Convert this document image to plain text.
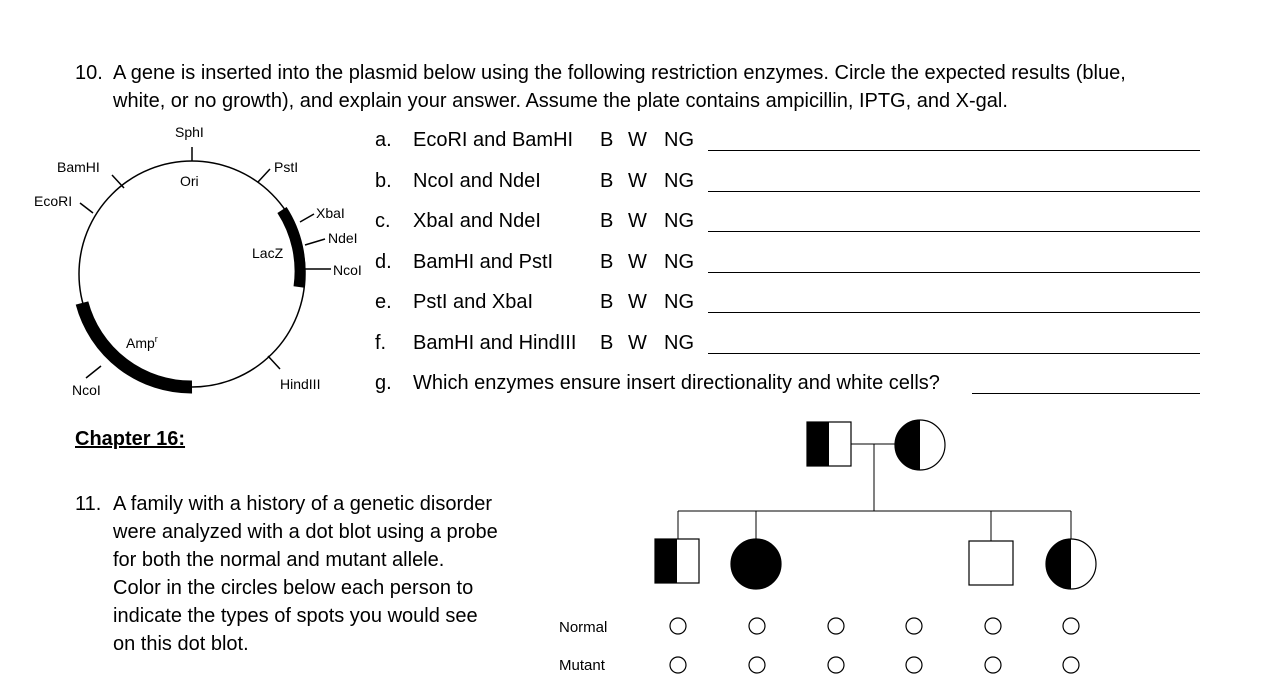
10. A gene is inserted into the plasmid below using the following restriction enzymes. Circle the expected results (blue,
white, or no growth), and explain your answer. Assume the plate contains ampicillin, IPTG, and X-gal.
SphI
Ori
PstI
BamHI
EcoRI
XbaI
NdeI
NcoI
LacZ
Amp$^r$
NcoI	HindIII
a. EcoRI and BamHI B W NG
b. NcoI and NdeI	B W NG
c. XbaI and NdeI	B W NG
d. BamHI and PstI B W NG
e. PstI and XbaI	B W NG
f. BamHI and HindIII B W NG
g. Which enzymes ensure insert directionality and white cells?
Chapter 16:
11. A family with a history of a genetic disorder
were analyzed with a dot blot using a probe
for both the normal and mutant allele.
Color in the circles below each person to
indicate the types of spots you would see
on this dot blot.
Normal
Mutant
